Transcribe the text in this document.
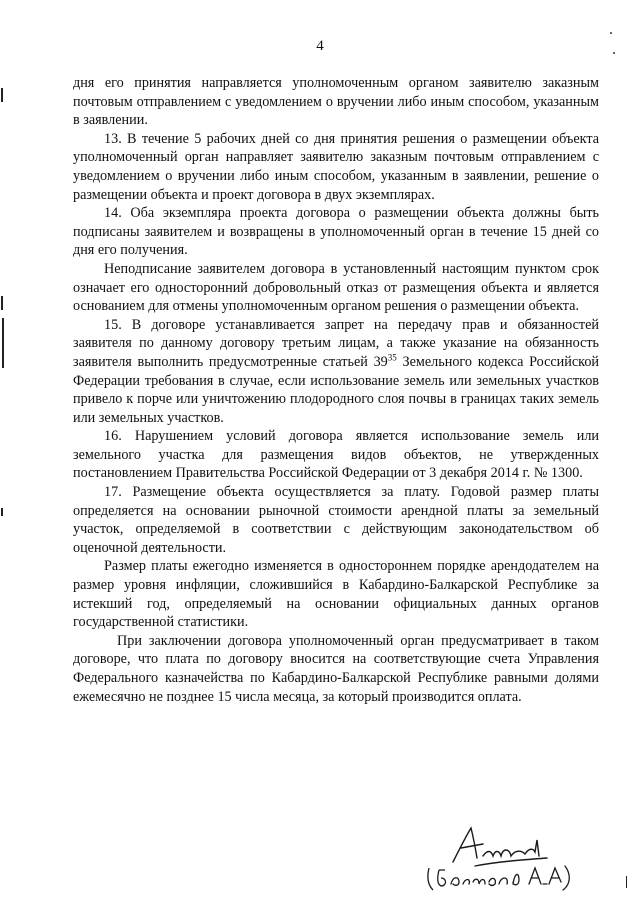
4

дня его принятия направляется уполномоченным органом заявителю заказным почтовым отправлением с уведомлением о вручении либо иным способом, указанным в заявлении.

13. В течение 5 рабочих дней со дня принятия решения о размещении объекта уполномоченный орган направляет заявителю заказным почтовым отправлением с уведомлением о вручении либо иным способом, указанным в заявлении, решение о размещении объекта и проект договора в двух экземплярах.

14. Оба экземпляра проекта договора о размещении объекта должны быть подписаны заявителем и возвращены в уполномоченный орган в течение 15 дней со дня его получения.

Неподписание заявителем договора в установленный настоящим пунктом срок означает его односторонний добровольный отказ от размещения объекта и является основанием для отмены уполномоченным органом решения о размещении объекта.

15. В договоре устанавливается запрет на передачу прав и обязанностей заявителя по данному договору третьим лицам, а также указание на обязанность заявителя выполнить предусмотренные статьей $39^{35}$ Земельного кодекса Российской Федерации требования в случае, если использование земель или земельных участков привело к порче или уничтожению плодородного слоя почвы в границах таких земель или земельных участков.

16. Нарушением условий договора является использование земель или земельного участка для размещения видов объектов, не утвержденных постановлением Правительства Российской Федерации от 3 декабря 2014 г. № 1300.

17. Размещение объекта осуществляется за плату. Годовой размер платы определяется на основании рыночной стоимости арендной платы за земельный участок, определяемой в соответствии с действующим законодательством об оценочной деятельности.

Размер платы ежегодно изменяется в одностороннем порядке арендодателем на размер уровня инфляции, сложившийся в Кабардино-Балкарской Республике за истекший год, определяемый на основании официальных данных органов государственной статистики.

При заключении договора уполномоченный орган предусматривает в таком договоре, что плата по договору вносится на соответствующие счета Управления Федерального казначейства по Кабардино-Балкарской Республике равными долями ежемесячно не позднее 15 числа месяца, за который производится оплата.
